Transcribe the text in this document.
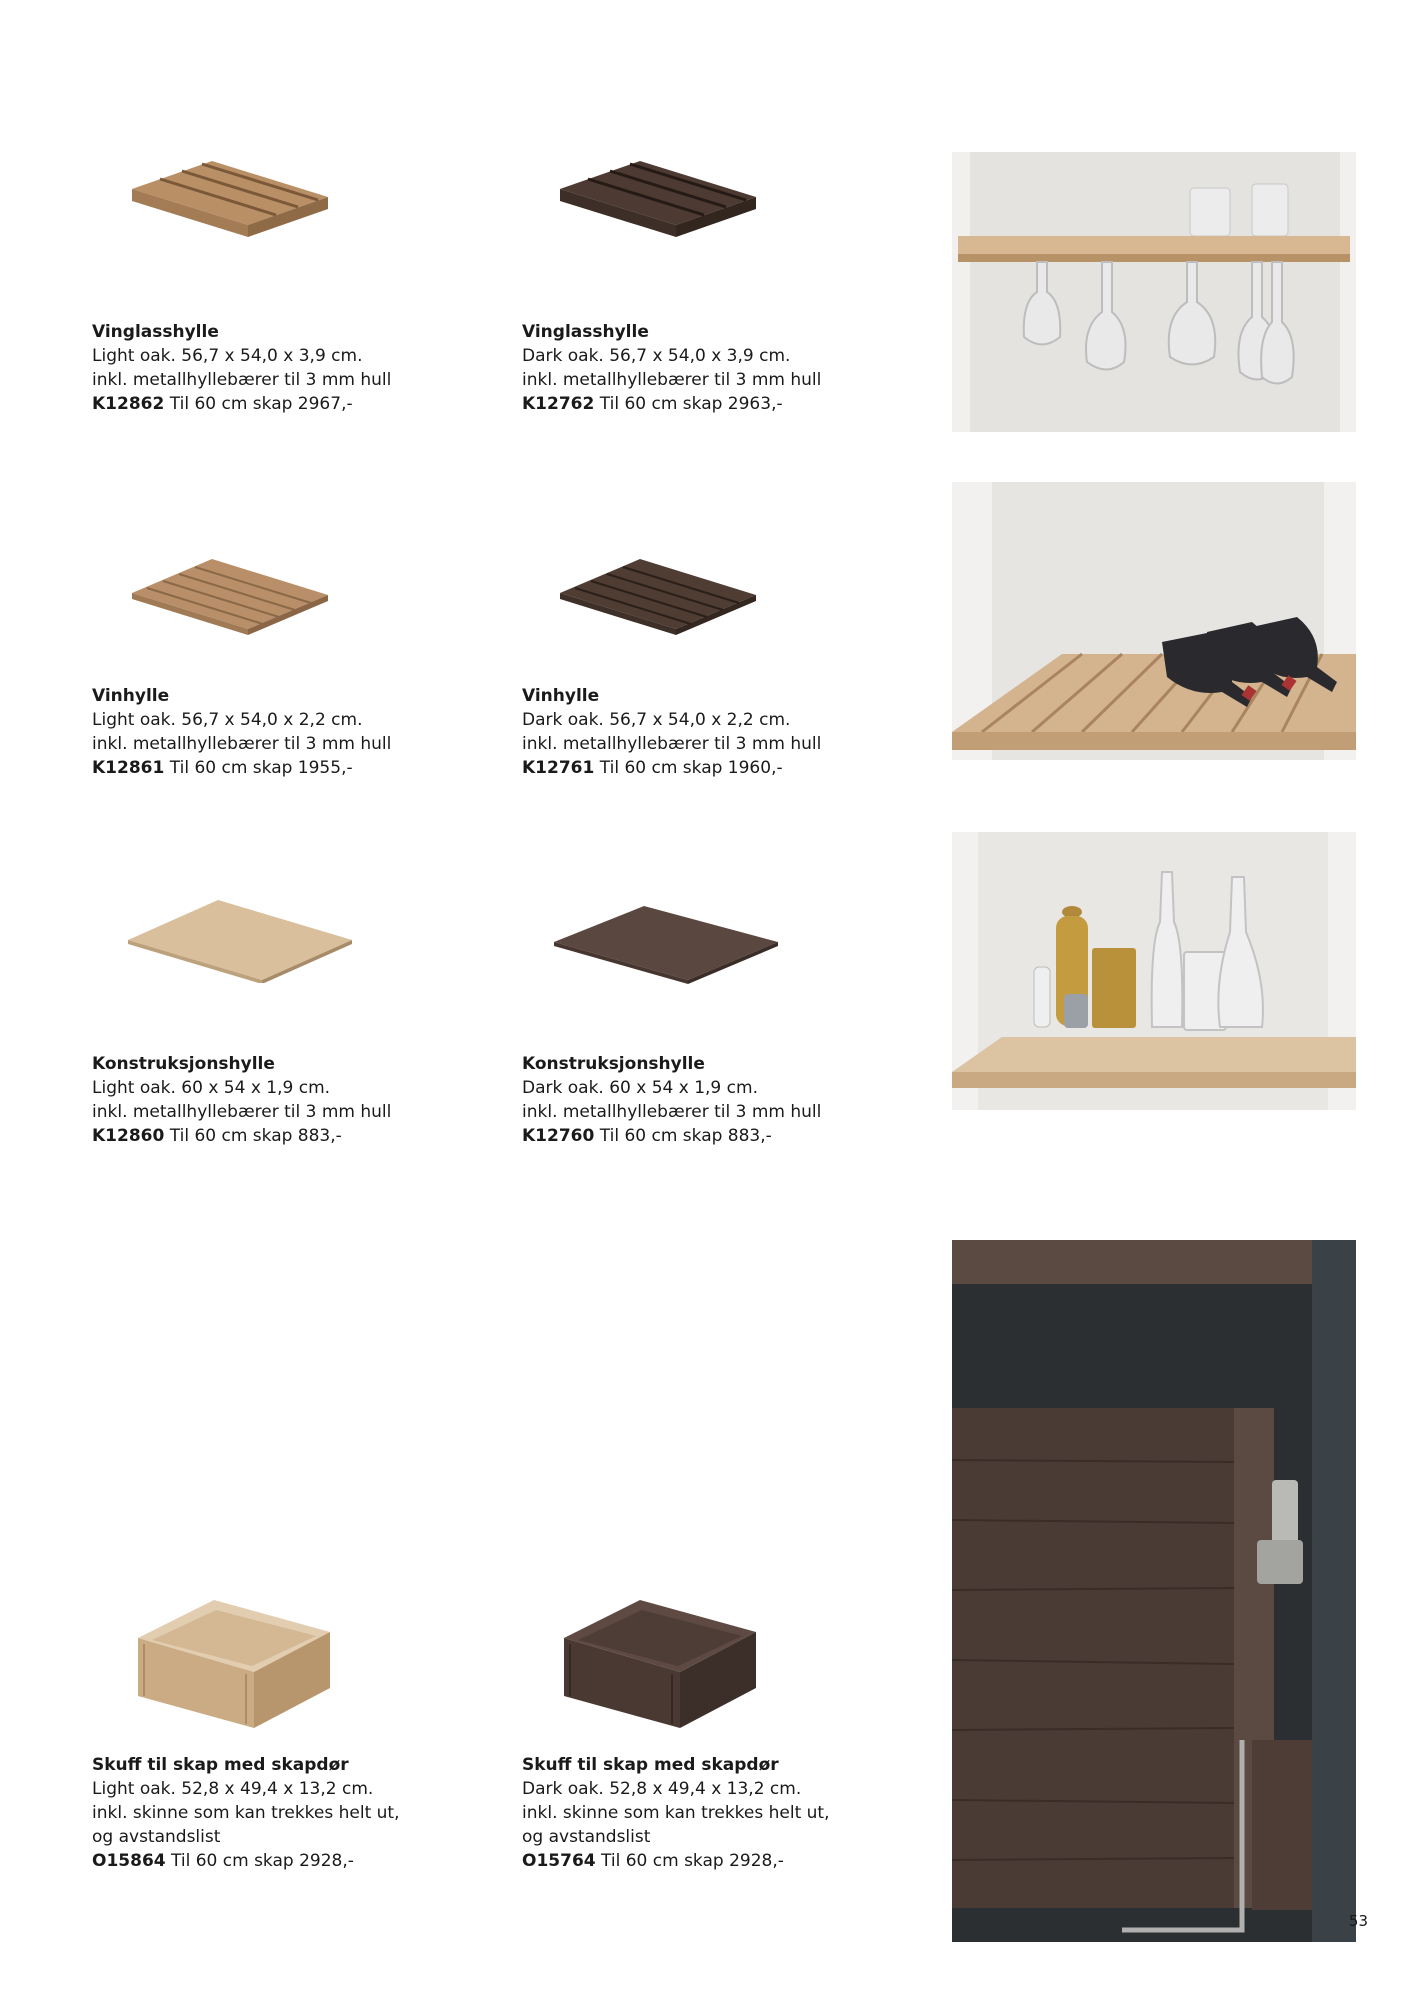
Vinglasshylle
Light oak. 56,7 x 54,0 x 3,9 cm.
inkl. metallhyllebærer til 3 mm hull
K12862 Til 60 cm skap 2967,-
Vinglasshylle
Dark oak. 56,7 x 54,0 x 3,9 cm.
inkl. metallhyllebærer til 3 mm hull
K12762 Til 60 cm skap 2963,-
Vinhylle
Light oak. 56,7 x 54,0 x 2,2 cm.
inkl. metallhyllebærer til 3 mm hull
K12861 Til 60 cm skap 1955,-
Vinhylle
Dark oak. 56,7 x 54,0 x 2,2 cm.
inkl. metallhyllebærer til 3 mm hull
K12761 Til 60 cm skap 1960,-
Konstruksjonshylle
Light oak. 60 x 54 x 1,9 cm.
inkl. metallhyllebærer til 3 mm hull
K12860 Til 60 cm skap 883,-
Konstruksjonshylle
Dark oak. 60 x 54 x 1,9 cm.
inkl. metallhyllebærer til 3 mm hull
K12760 Til 60 cm skap 883,-
Skuff til skap med skapdør
Light oak. 52,8 x 49,4 x 13,2 cm.
inkl. skinne som kan trekkes helt ut,
og avstandslist
O15864 Til 60 cm skap 2928,-
Skuff til skap med skapdør
Dark oak. 52,8 x 49,4 x 13,2 cm.
inkl. skinne som kan trekkes helt ut,
og avstandslist
O15764 Til 60 cm skap 2928,-
53
